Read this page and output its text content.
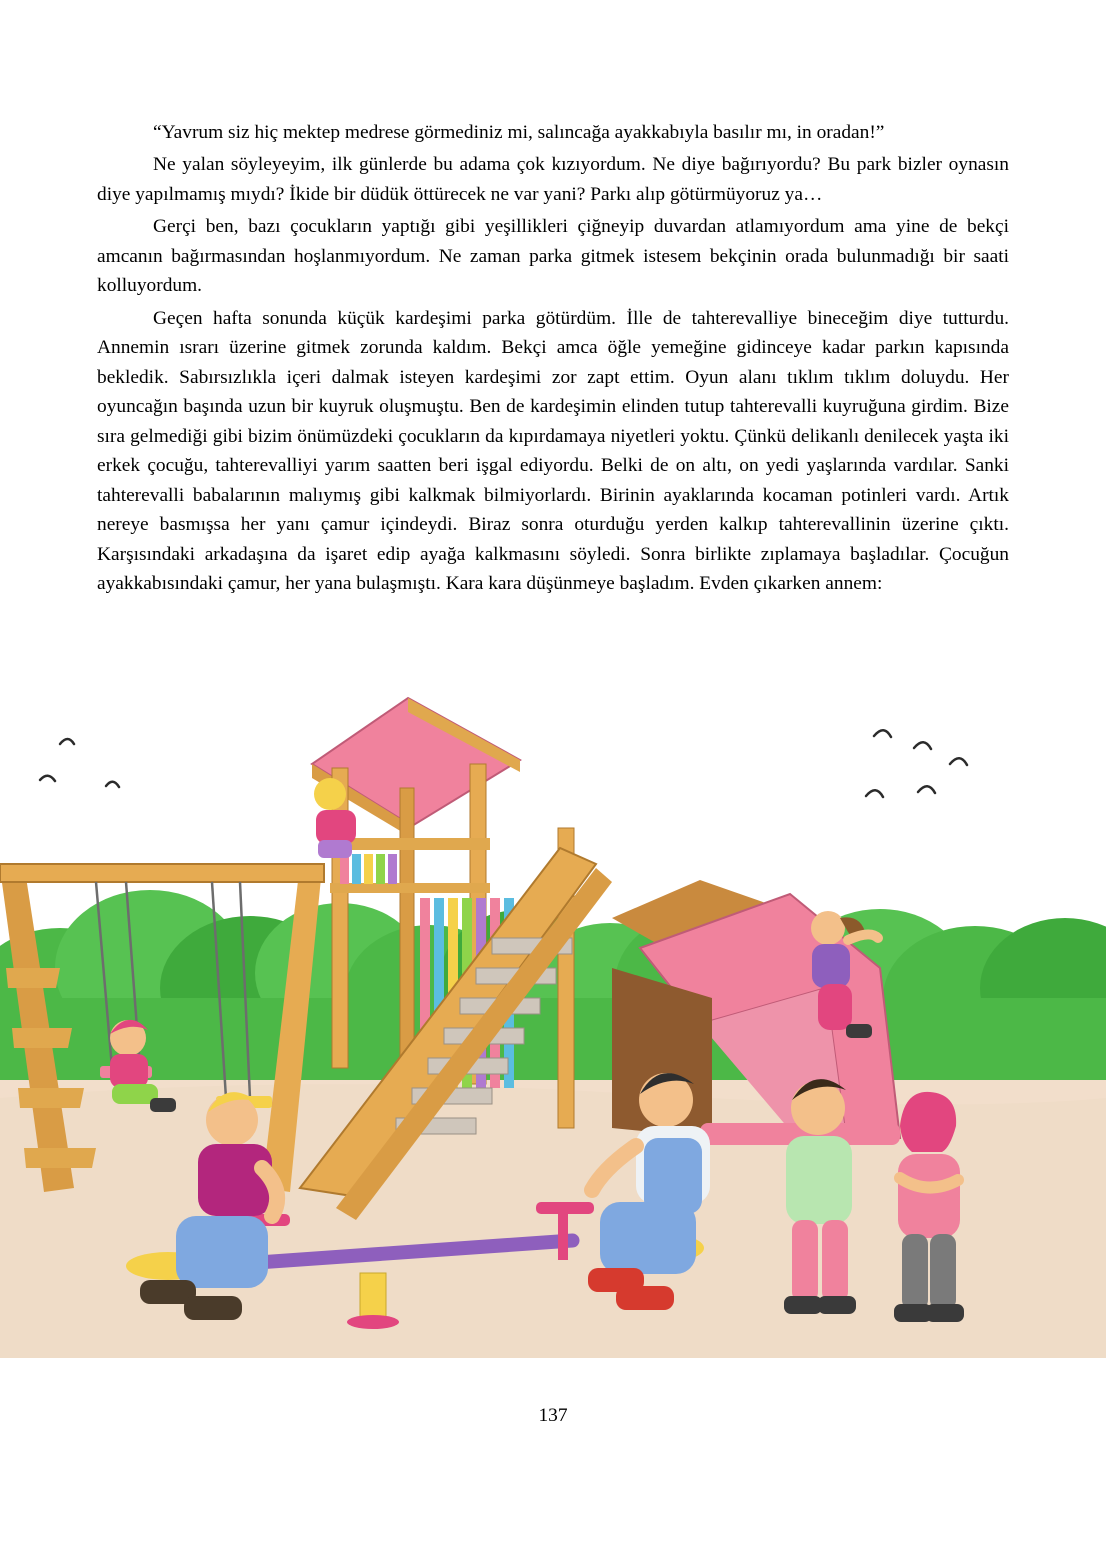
“Yavrum siz hiç mektep medrese görmediniz mi, salıncağa ayakkabıyla basılır mı, in oradan!”

Ne yalan söyleyeyim, ilk günlerde bu adama çok kızıyordum. Ne diye bağırıyordu? Bu park bizler oynasın diye yapılmamış mıydı? İkide bir düdük öttürecek ne var yani? Parkı alıp götürmüyoruz ya…

Gerçi ben, bazı çocukların yaptığı gibi yeşillikleri çiğneyip duvardan atlamıyordum ama yine de bekçi amcanın bağırmasından hoşlanmıyordum. Ne zaman parka gitmek istesem bekçinin orada bulunmadığı bir saati kolluyordum.

Geçen hafta sonunda küçük kardeşimi parka götürdüm. İlle de tahterevalliye bineceğim diye tutturdu. Annemin ısrarı üzerine gitmek zorunda kaldım. Bekçi amca öğle yemeğine gidinceye kadar parkın kapısında bekledik. Sabırsızlıkla içeri dalmak isteyen kardeşimi zor zapt ettim. Oyun alanı tıklım tıklım doluydu. Her oyuncağın başında uzun bir kuyruk oluşmuştu. Ben de kardeşimin elinden tutup tahterevalli kuyruğuna girdim. Bize sıra gelmediği gibi bizim önümüzdeki çocukların da kıpırdamaya niyetleri yoktu. Çünkü delikanlı denilecek yaşta iki erkek çocuğu, tahterevalliyi yarım saatten beri işgal ediyordu. Belki de on altı, on yedi yaşlarında vardılar. Sanki tahterevalli babalarının malıymış gibi kalkmak bilmiyorlardı. Birinin ayaklarında kocaman potinleri vardı. Artık nereye basmışsa her yanı çamur içindeydi. Biraz sonra oturduğu yerden kalkıp tahterevallinin üzerine çıktı. Karşısındaki arkadaşına da işaret edip ayağa kalkmasını söyledi. Sonra birlikte zıplamaya başladılar. Çocuğun ayakkabısındaki çamur, her yana bulaşmıştı. Kara kara düşünmeye başladım. Evden çıkarken annem:

137
